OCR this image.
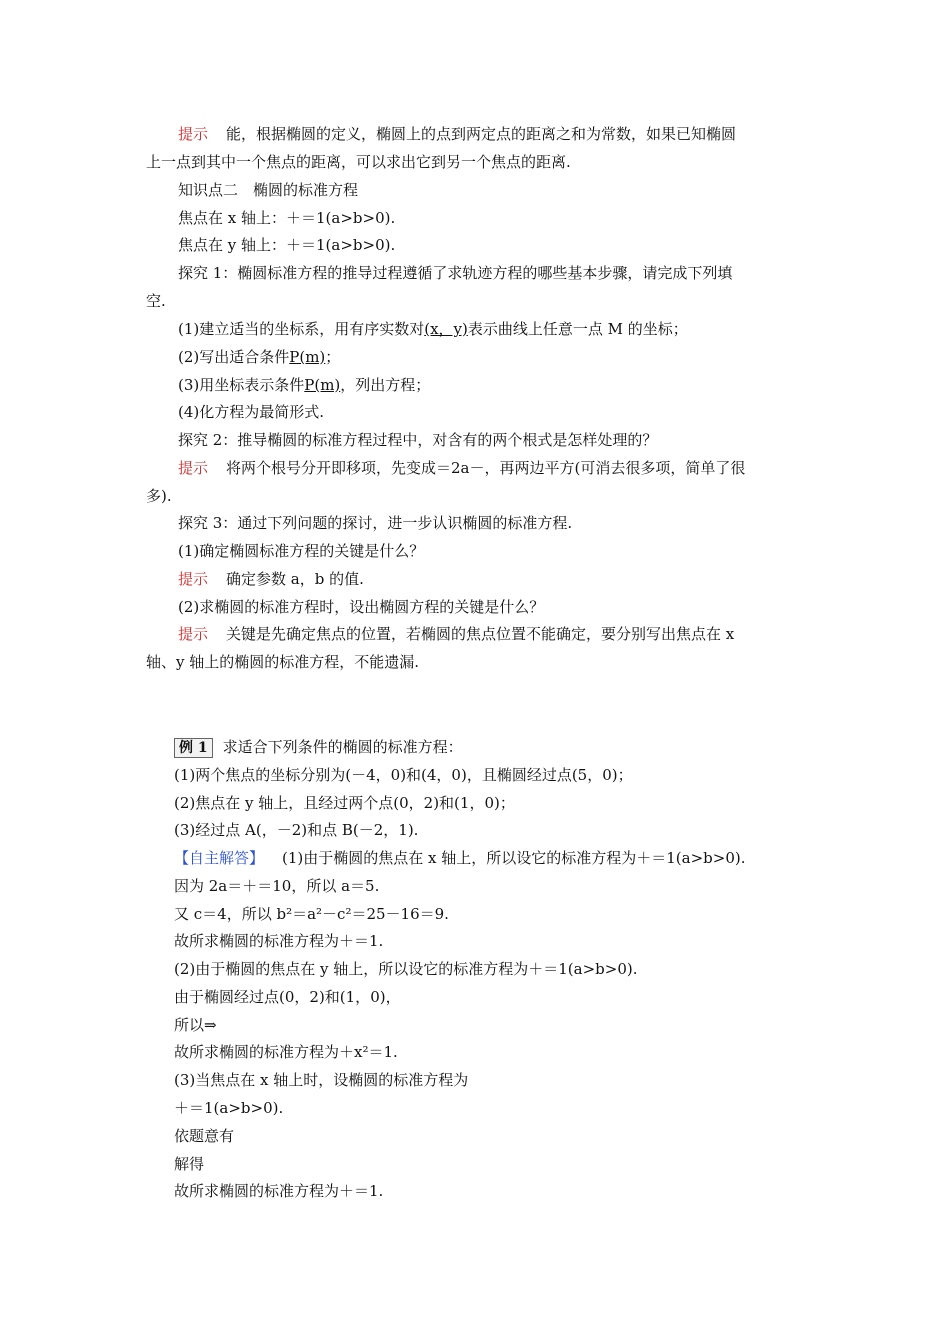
提示 能，根据椭圆的定义，椭圆上的点到两定点的距离之和为常数，如果已知椭圆
上一点到其中一个焦点的距离，可以求出它到另一个焦点的距离.
知识点二　椭圆的标准方程
焦点在 x 轴上：＋＝1(a>b>0).
焦点在 y 轴上：＋＝1(a>b>0).
探究 1：椭圆标准方程的推导过程遵循了求轨迹方程的哪些基本步骤，请完成下列填
空.
(1)建立适当的坐标系，用有序实数对(x，y)表示曲线上任意一点 M 的坐标；
(2)写出适合条件P(m)；
(3)用坐标表示条件P(m)，列出方程；
(4)化方程为最简形式.
探究 2：推导椭圆的标准方程过程中，对含有的两个根式是怎样处理的？
提示 将两个根号分开即移项，先变成＝2a－，再两边平方(可消去很多项，简单了很
多).
探究 3：通过下列问题的探讨，进一步认识椭圆的标准方程.
(1)确定椭圆标准方程的关键是什么？
提示 确定参数 a，b 的值.
(2)求椭圆的标准方程时，设出椭圆方程的关键是什么？
提示 关键是先确定焦点的位置，若椭圆的焦点位置不能确定，要分别写出焦点在 x
轴、y 轴上的椭圆的标准方程，不能遗漏.
例 1 求适合下列条件的椭圆的标准方程：
(1)两个焦点的坐标分别为(－4，0)和(4，0)，且椭圆经过点(5，0)；
(2)焦点在 y 轴上，且经过两个点(0，2)和(1，0)；
(3)经过点 A(，－2)和点 B(－2，1).
【自主解答】 (1)由于椭圆的焦点在 x 轴上，所以设它的标准方程为＋＝1(a>b>0).
因为 2a＝＋＝10，所以 a＝5.
又 c＝4，所以 b²＝a²－c²＝25－16＝9.
故所求椭圆的标准方程为＋＝1.
(2)由于椭圆的焦点在 y 轴上，所以设它的标准方程为＋＝1(a>b>0).
由于椭圆经过点(0，2)和(1，0)，
所以⇒
故所求椭圆的标准方程为＋x²＝1.
(3)当焦点在 x 轴上时，设椭圆的标准方程为
＋＝1(a>b>0).
依题意有
解得
故所求椭圆的标准方程为＋＝1.
